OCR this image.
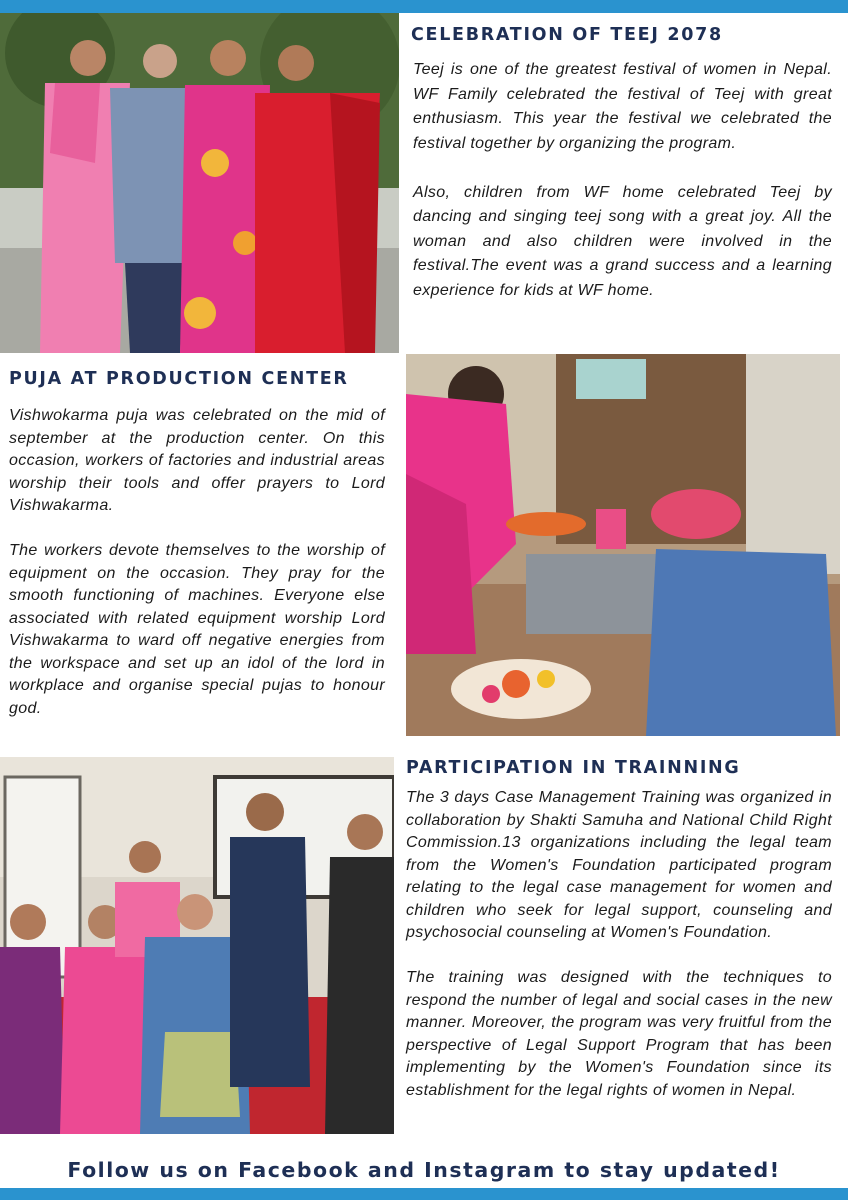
CELEBRATION OF TEEJ 2078

Teej is one of the greatest festival of women in Nepal. WF Family celebrated the festival of Teej with great enthusiasm. This year the festival we celebrated the festival together by organizing the program.

Also, children from WF home celebrated Teej by dancing and singing teej song with a great joy. All the woman and also children were involved in the festival.The event was a grand success and a learning experience for kids at WF home.

PUJA AT PRODUCTION CENTER

Vishwokarma puja was celebrated on the mid of september at the production center. On this occasion, workers of factories and industrial areas worship their tools and offer prayers to Lord Vishwakarma.

The workers devote themselves to the worship of equipment on the occasion. They pray for the smooth functioning of machines. Everyone else associated with related equipment worship Lord Vishwakarma to ward off negative energies from the workspace and set up an idol of the lord in workplace and organise special pujas to honour god.

PARTICIPATION IN TRAINNING

The 3 days Case Management Training was organized in collaboration by Shakti Samuha and National Child Right Commission.13 organizations including the legal team from the Women's Foundation participated program relating to the legal case management for women and children who seek for legal support, counseling and psychosocial counseling at Women's Foundation.

The training was designed with the techniques to respond the number of legal and social cases in the new manner. Moreover, the program was very fruitful from the perspective of Legal Support Program that has been implementing by the Women's Foundation since its establishment for the legal rights of women in Nepal.

Follow us on Facebook and Instagram to stay updated!
